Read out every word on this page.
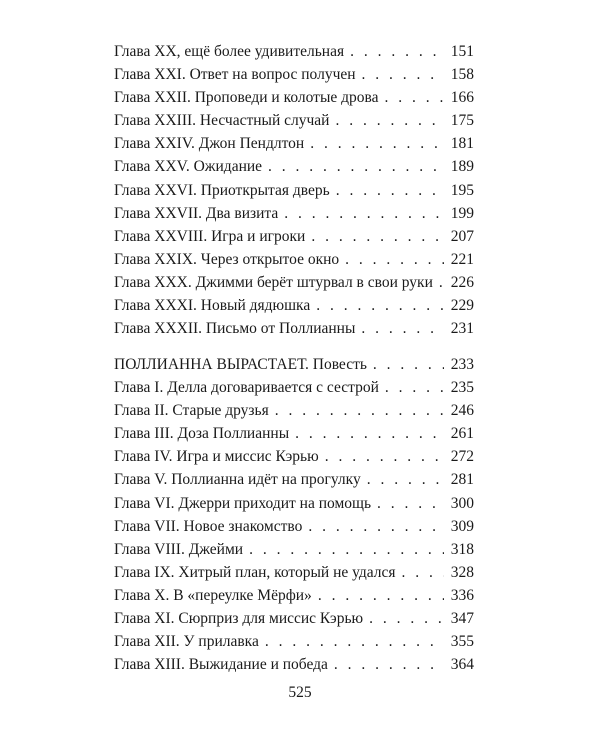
Глава XX, ещё более удивительная . . .	151
Глава XXI. Ответ на вопрос получен . . .	158
Глава XXII. Проповеди и колотые дрова . . .	166
Глава XXIII. Несчастный случай . . .	175
Глава XXIV. Джон Пендлтон . . .	181
Глава XXV. Ожидание . . .	189
Глава XXVI. Приоткрытая дверь . . .	195
Глава XXVII. Два визита . . .	199
Глава XXVIII. Игра и игроки . . .	207
Глава XXIX. Через открытое окно . . .	221
Глава XXX. Джимми берёт штурвал в свои руки . . . 226
Глава XXXI. Новый дядюшка . . .	229
Глава XXXII. Письмо от Поллианны . . .	231
ПОЛЛИАННА ВЫРАСТАЕТ. Повесть . . .	233
Глава I. Делла договаривается с сестрой . . .	235
Глава II. Старые друзья . . .	246
Глава III. Доза Поллианны . . .	261
Глава IV. Игра и миссис Кэрью . . .	272
Глава V. Поллианна идёт на прогулку . . .	281
Глава VI. Джерри приходит на помощь . . .	300
Глава VII. Новое знакомство . . .	309
Глава VIII. Джейми . . .	318
Глава IX. Хитрый план, который не удался . . .	328
Глава X. В «переулке Мёрфи» . . .	336
Глава XI. Сюрприз для миссис Кэрью . . .	347
Глава XII. У прилавка . . .	355
Глава XIII. Выжидание и победа . . .	364
525
